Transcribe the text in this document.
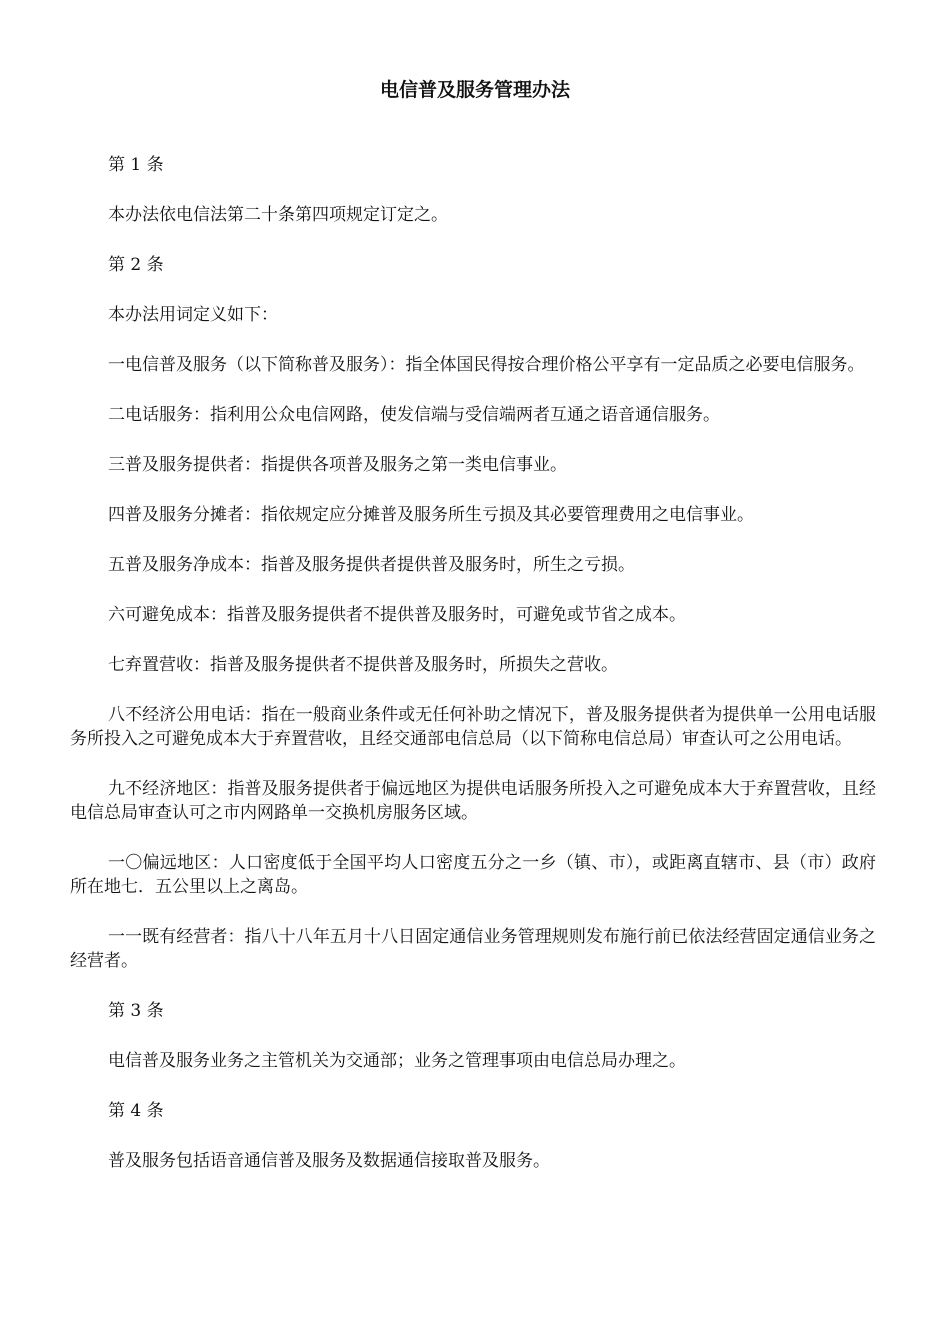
电信普及服务管理办法

第 1 条

本办法依电信法第二十条第四项规定订定之。

第 2 条

本办法用词定义如下：

一电信普及服务（以下简称普及服务）：指全体国民得按合理价格公平享有一定品质之必要电信服务。

二电话服务：指利用公众电信网路，使发信端与受信端两者互通之语音通信服务。

三普及服务提供者：指提供各项普及服务之第一类电信事业。

四普及服务分摊者：指依规定应分摊普及服务所生亏损及其必要管理费用之电信事业。

五普及服务净成本：指普及服务提供者提供普及服务时，所生之亏损。

六可避免成本：指普及服务提供者不提供普及服务时，可避免或节省之成本。

七弃置营收：指普及服务提供者不提供普及服务时，所损失之营收。

八不经济公用电话：指在一般商业条件或无任何补助之情况下，普及服务提供者为提供单一公用电话服务所投入之可避免成本大于弃置营收，且经交通部电信总局（以下简称电信总局）审查认可之公用电话。

九不经济地区：指普及服务提供者于偏远地区为提供电话服务所投入之可避免成本大于弃置营收，且经电信总局审查认可之市内网路单一交换机房服务区域。

一〇偏远地区：人口密度低于全国平均人口密度五分之一乡（镇、市），或距离直辖市、县（市）政府所在地七．五公里以上之离岛。

一一既有经营者：指八十八年五月十八日固定通信业务管理规则发布施行前已依法经营固定通信业务之经营者。

第 3 条

电信普及服务业务之主管机关为交通部；业务之管理事项由电信总局办理之。

第 4 条

普及服务包括语音通信普及服务及数据通信接取普及服务。
